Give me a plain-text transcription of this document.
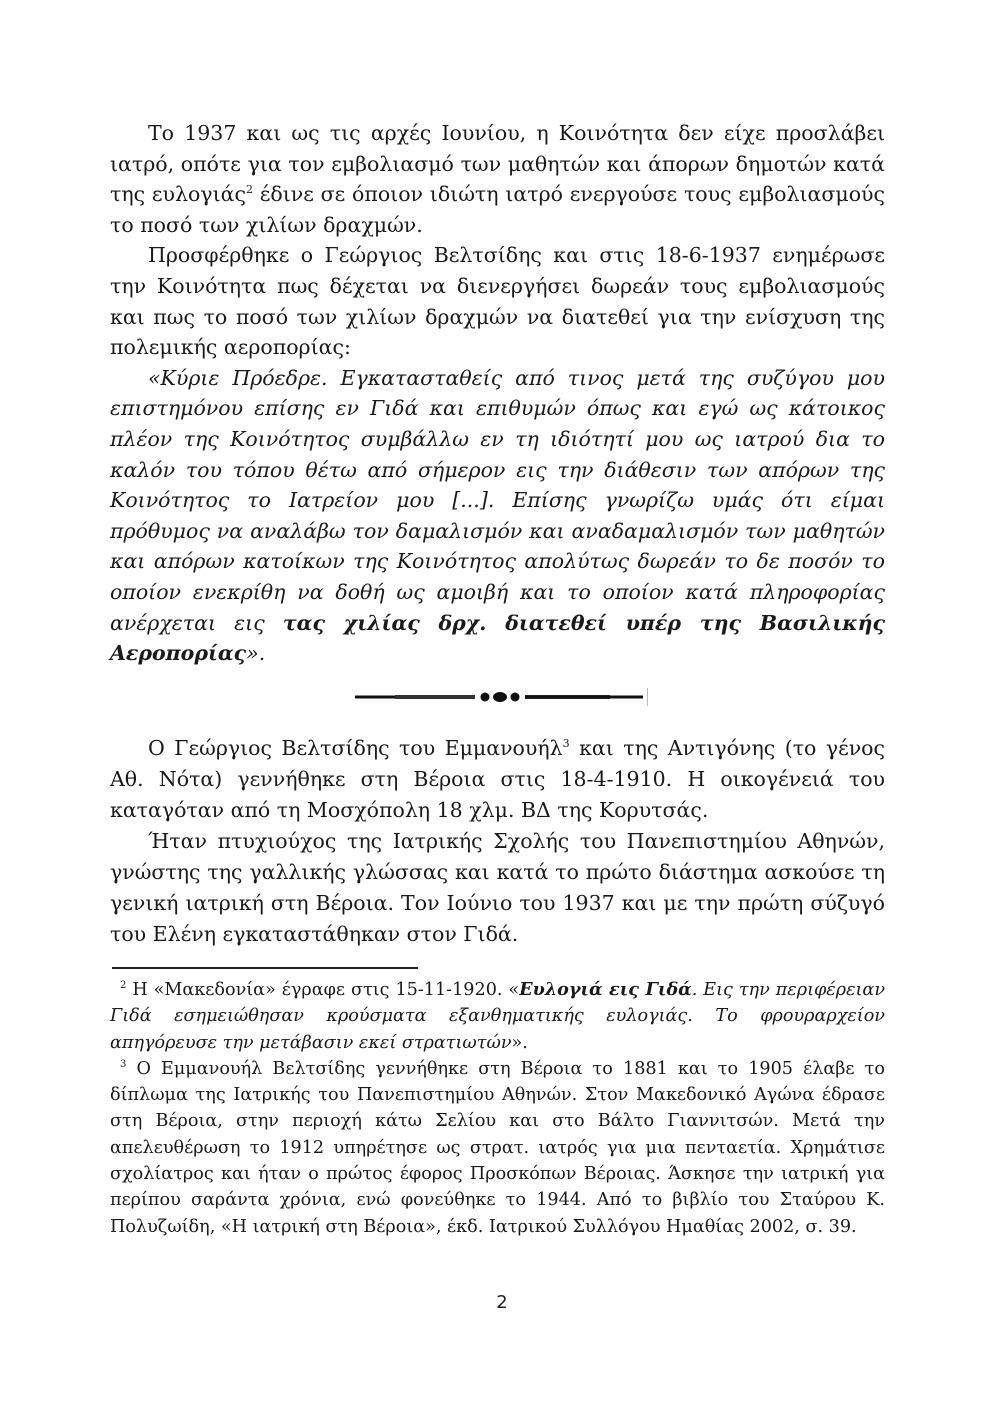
Το 1937 και ως τις αρχές Ιουνίου, η Κοινότητα δεν είχε προσλάβει ιατρό, οπότε για τον εμβολιασμό των μαθητών και άπορων δημοτών κατά της ευλογιάς$^2$ έδινε σε όποιον ιδιώτη ιατρό ενεργούσε τους εμβολιασμούς το ποσό των χιλίων δραχμών.

Προσφέρθηκε ο Γεώργιος Βελτσίδης και στις 18-6-1937 ενημέρωσε την Κοινότητα πως δέχεται να διενεργήσει δωρεάν τους εμβολιασμούς και πως το ποσό των χιλίων δραχμών να διατεθεί για την ενίσχυση της πολεμικής αεροπορίας:

«Κύριε Πρόεδρε. Εγκατασταθείς από τινος μετά της συζύγου μου επιστημόνου επίσης εν Γιδά και επιθυμών όπως και εγώ ως κάτοικος πλέον της Κοινότητος συμβάλλω εν τη ιδιότητί μου ως ιατρού δια το καλόν του τόπου θέτω από σήμερον εις την διάθεσιν των απόρων της Κοινότητος το Ιατρείον μου [...]. Επίσης γνωρίζω υμάς ότι είμαι πρόθυμος να αναλάβω τον δαμαλισμόν και αναδαμαλισμόν των μαθητών και απόρων κατοίκων της Κοινότητος απολύτως δωρεάν το δε ποσόν το οποίον ενεκρίθη να δοθή ως αμοιβή και το οποίον κατά πληροφορίας ανέρχεται εις τας χιλίας δρχ. διατεθεί υπέρ της Βασιλικής Αεροπορίας».

Ο Γεώργιος Βελτσίδης του Εμμανουήλ$^3$ και της Αντιγόνης (το γένος Αθ. Νότα) γεννήθηκε στη Βέροια στις 18-4-1910. Η οικογένειά του καταγόταν από τη Μοσχόπολη 18 χλμ. ΒΔ της Κορυτσάς.

Ήταν πτυχιούχος της Ιατρικής Σχολής του Πανεπιστημίου Αθηνών, γνώστης της γαλλικής γλώσσας και κατά το πρώτο διάστημα ασκούσε τη γενική ιατρική στη Βέροια. Τον Ιούνιο του 1937 και με την πρώτη σύζυγό του Ελένη εγκαταστάθηκαν στον Γιδά.

$^2$ Η «Μακεδονία» έγραφε στις 15-11-1920. «Ευλογιά εις Γιδά. Εις την περιφέρειαν Γιδά εσημειώθησαν κρούσματα εξανθηματικής ευλογιάς. Το φρουραρχείον απηγόρευσε την μετάβασιν εκεί στρατιωτών».

$^3$ Ο Εμμανουήλ Βελτσίδης γεννήθηκε στη Βέροια το 1881 και το 1905 έλαβε το δίπλωμα της Ιατρικής του Πανεπιστημίου Αθηνών. Στον Μακεδονικό Αγώνα έδρασε στη Βέροια, στην περιοχή κάτω Σελίου και στο Βάλτο Γιαννιτσών. Μετά την απελευθέρωση το 1912 υπηρέτησε ως στρατ. ιατρός για μια πενταετία. Χρημάτισε σχολίατρος και ήταν ο πρώτος έφορος Προσκόπων Βέροιας. Άσκησε την ιατρική για περίπου σαράντα χρόνια, ενώ φονεύθηκε το 1944. Από το βιβλίο του Σταύρου Κ. Πολυζωίδη, «Η ιατρική στη Βέροια», έκδ. Ιατρικού Συλλόγου Ημαθίας 2002, σ. 39.

2
